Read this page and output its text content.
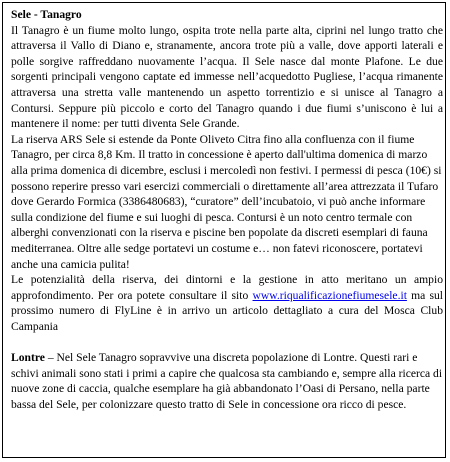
Sele - Tanagro

Il Tanagro è un fiume molto lungo, ospita trote nella parte alta, ciprini nel lungo tratto che attraversa il Vallo di Diano e, stranamente, ancora trote più a valle, dove apporti laterali e polle sorgive raffreddano nuovamente l’acqua. Il Sele nasce dal monte Plafone. Le due sorgenti principali vengono captate ed immesse nell’acquedotto Pugliese, l’acqua rimanente attraversa una stretta valle mantenendo un aspetto torrentizio e si unisce al Tanagro a Contursi. Seppure più piccolo e corto del Tanagro quando i due fiumi s’uniscono è lui a mantenere il nome: per tutti diventa Sele Grande.

La riserva ARS Sele si estende da Ponte Oliveto Citra fino alla confluenza con il fiume Tanagro, per circa 8,8 Km. Il tratto in concessione è aperto dall'ultima domenica di marzo alla prima domenica di dicembre, esclusi i mercoledì non festivi. I permessi di pesca (10€) si possono reperire presso vari esercizi commerciali o direttamente all’area attrezzata il Tufaro dove Gerardo Formica (3386480683), “curatore” dell’incubatoio, vi può anche informare sulla condizione del fiume e sui luoghi di pesca. Contursi è un noto centro termale con alberghi convenzionati con la riserva e piscine ben popolate da discreti esemplari di fauna mediterranea. Oltre alle sedge portatevi un costume e… non fatevi riconoscere, portatevi anche una camicia pulita!

Le potenzialità della riserva, dei dintorni e la gestione in atto meritano un ampio approfondimento. Per ora potete consultare il sito www.riqualificazionefiumesele.it ma sul prossimo numero di FlyLine è in arrivo un articolo dettagliato a cura del Mosca Club Campania

Lontre – Nel Sele Tanagro sopravvive una discreta popolazione di Lontre. Questi rari e schivi animali sono stati i primi a capire che qualcosa sta cambiando e, sempre alla ricerca di nuove zone di caccia, qualche esemplare ha già abbandonato l’Oasi di Persano, nella parte bassa del Sele, per colonizzare questo tratto di Sele in concessione ora ricco di pesce.
